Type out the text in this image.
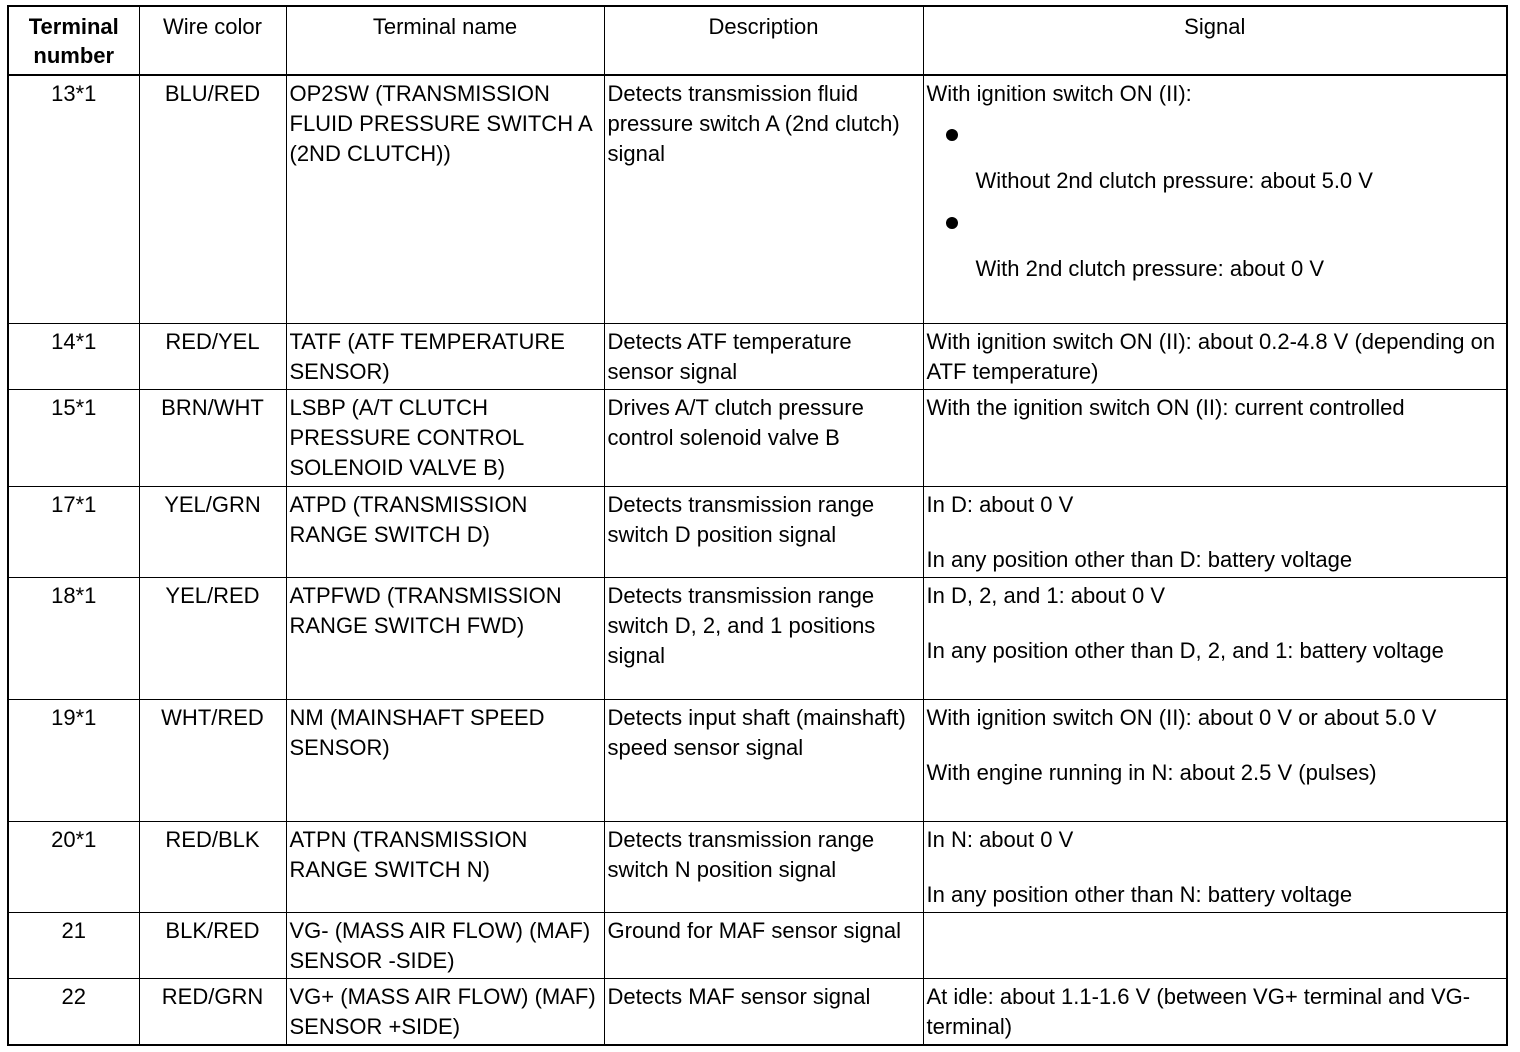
Terminal number	Wire color	Terminal name	Description	Signal
13*1	BLU/RED	OP2SW (TRANSMISSION FLUID PRESSURE SWITCH A (2ND CLUTCH))	Detects transmission fluid pressure switch A (2nd clutch) signal	With ignition switch ON (II):
Without 2nd clutch pressure: about 5.0 V
With 2nd clutch pressure: about 0 V

14*1	RED/YEL	TATF (ATF TEMPERATURE SENSOR)	Detects ATF temperature sensor signal	With ignition switch ON (II): about 0.2-4.8 V (depending on ATF temperature)

15*1	BRN/WHT	LSBP (A/T CLUTCH PRESSURE CONTROL SOLENOID VALVE B)	Drives A/T clutch pressure control solenoid valve B	With the ignition switch ON (II): current controlled

17*1	YEL/GRN	ATPD (TRANSMISSION RANGE SWITCH D)	Detects transmission range switch D position signal	In D: about 0 V
In any position other than D: battery voltage

18*1	YEL/RED	ATPFWD (TRANSMISSION RANGE SWITCH FWD)	Detects transmission range switch D, 2, and 1 positions signal	In D, 2, and 1: about 0 V
In any position other than D, 2, and 1: battery voltage

19*1	WHT/RED	NM (MAINSHAFT SPEED SENSOR)	Detects input shaft (mainshaft) speed sensor signal	With ignition switch ON (II): about 0 V or about 5.0 V
With engine running in N: about 2.5 V (pulses)

20*1	RED/BLK	ATPN (TRANSMISSION RANGE SWITCH N)	Detects transmission range switch N position signal	In N: about 0 V
In any position other than N: battery voltage

21	BLK/RED	VG- (MASS AIR FLOW) (MAF) SENSOR -SIDE)	Ground for MAF sensor signal	
22	RED/GRN	VG+ (MASS AIR FLOW) (MAF) SENSOR +SIDE)	Detects MAF sensor signal	At idle: about 1.1-1.6 V (between VG+ terminal and VG- terminal)
